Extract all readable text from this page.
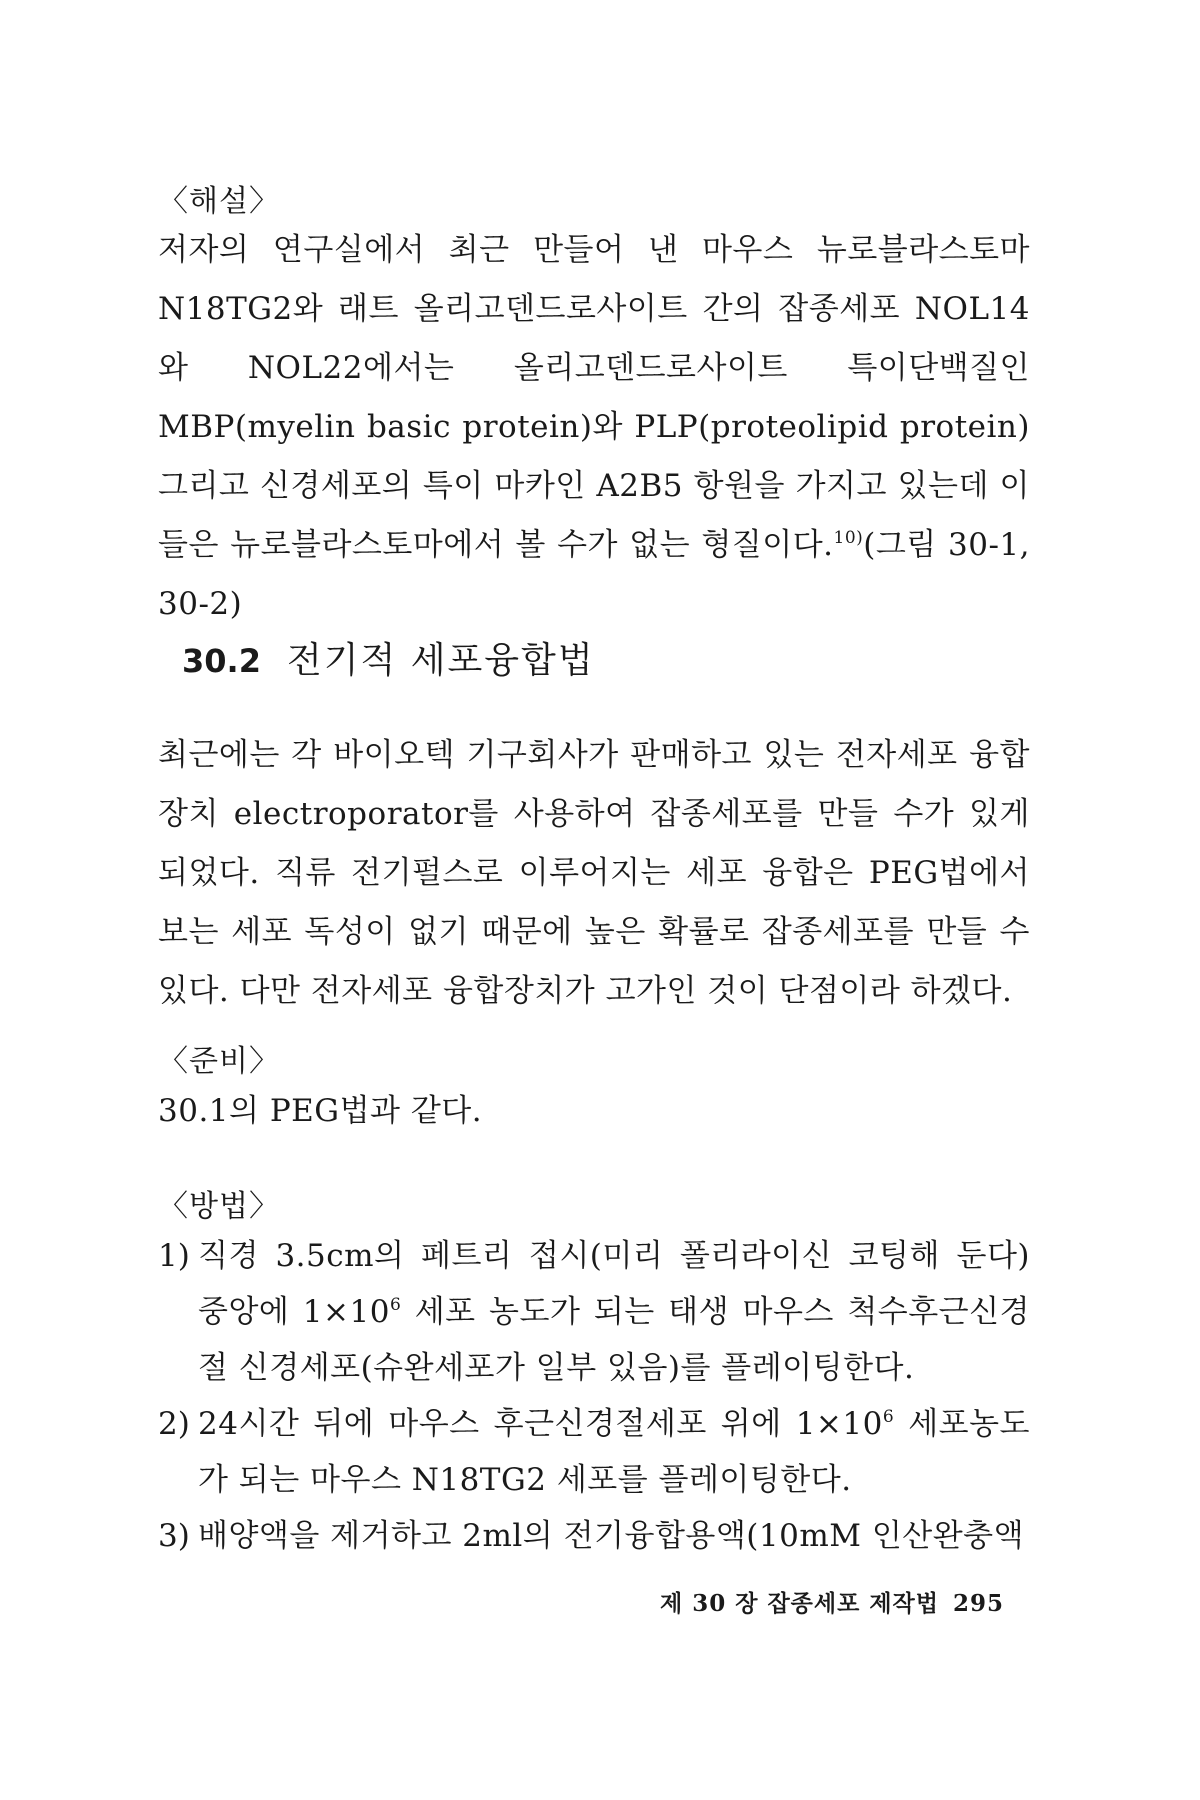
〈해설〉

저자의 연구실에서 최근 만들어 낸 마우스 뉴로블라스토마 N18TG2와 래트 올리고덴드로사이트 간의 잡종세포 NOL14와 NOL22에서는 올리고덴드로사이트 특이단백질인 MBP(myelin basic protein)와 PLP(proteolipid protein) 그리고 신경세포의 특이 마카인 A2B5 항원을 가지고 있는데 이들은 뉴로블라스토마에서 볼 수가 없는 형질이다.$^{10)}$(그림 30-1, 30-2)

30.2 전기적 세포융합법

최근에는 각 바이오텍 기구회사가 판매하고 있는 전자세포 융합장치 electroporator를 사용하여 잡종세포를 만들 수가 있게 되었다. 직류 전기펄스로 이루어지는 세포 융합은 PEG법에서 보는 세포 독성이 없기 때문에 높은 확률로 잡종세포를 만들 수 있다. 다만 전자세포 융합장치가 고가인 것이 단점이라 하겠다.

〈준비〉
30.1의 PEG법과 같다.
〈방법〉
1) 직경 3.5cm의 페트리 접시(미리 폴리라이신 코팅해 둔다) 중앙에 $1\times 10^6$ 세포 농도가 되는 태생 마우스 척수후근신경절 신경세포(슈완세포가 일부 있음)를 플레이팅한다.
2) 24시간 뒤에 마우스 후근신경절세포 위에 $1\times 10^6$ 세포농도가 되는 마우스 N18TG2 세포를 플레이팅한다.
3) 배양액을 제거하고 2ml의 전기융합용액(10mM 인산완충액
제 30 장 잡종세포 제작법 295
